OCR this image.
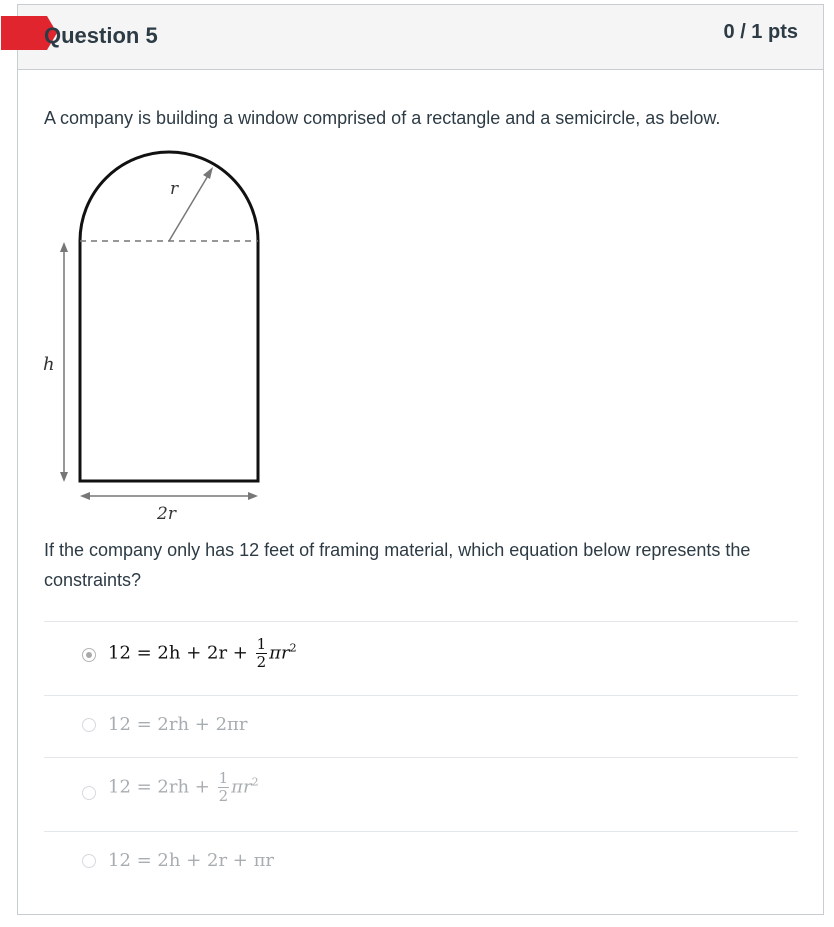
Question 5	0 / 1 pts
A company is building a window comprised of a rectangle and a semicircle, as below.
r
h
2r
If the company only has 12 feet of framing material, which equation below represents the constraints?
$12 = 2h + 2r + \frac{1}{2} \pi r^2$
12 = 2rh + 2πr
$12 = 2rh + \frac{1}{2} \pi r^2$
12 = 2h + 2r + πr
